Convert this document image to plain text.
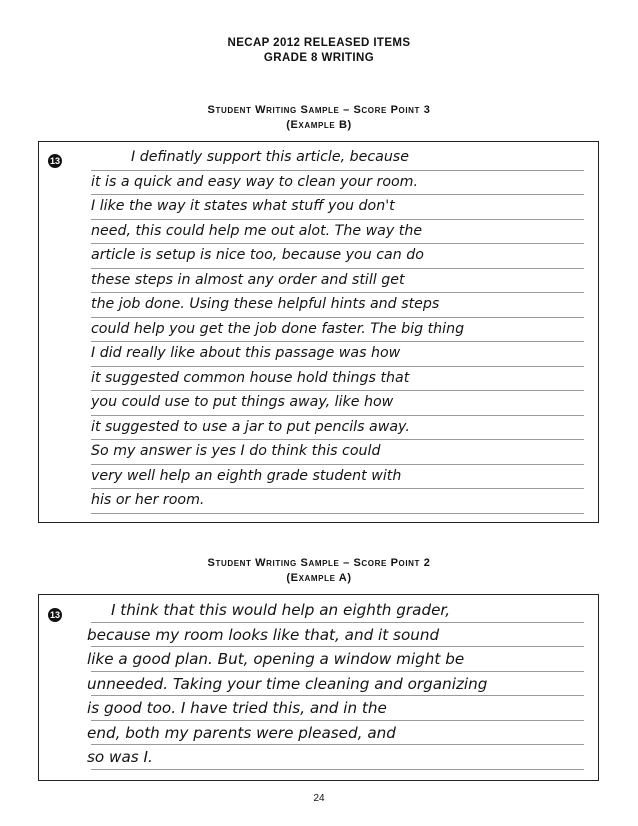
NECAP 2012 RELEASED ITEMS
GRADE 8 WRITING
Student Writing Sample – Score Point 3
(Example B)
13	I definatly support this article, because
it is a quick and easy way to clean your room.
I like the way it states what stuff you don't
need, this could help me out alot. The way the
article is setup is nice too, because you can do
these steps in almost any order and still get
the job done. Using these helpful hints and steps
could help you get the job done faster. The big thing
I did really like about this passage was how
it suggested common house hold things that
you could use to put things away, like how
it suggested to use a jar to put pencils away.
So my answer is yes I do think this could
very well help an eighth grade student with
his or her room.
Student Writing Sample – Score Point 2
(Example A)
13	I think that this would help an eighth grader,
because my room looks like that, and it sound
like a good plan. But, opening a window might be
unneeded. Taking your time cleaning and organizing
is good too. I have tried this, and in the
end, both my parents were pleased, and
so was I.
24
